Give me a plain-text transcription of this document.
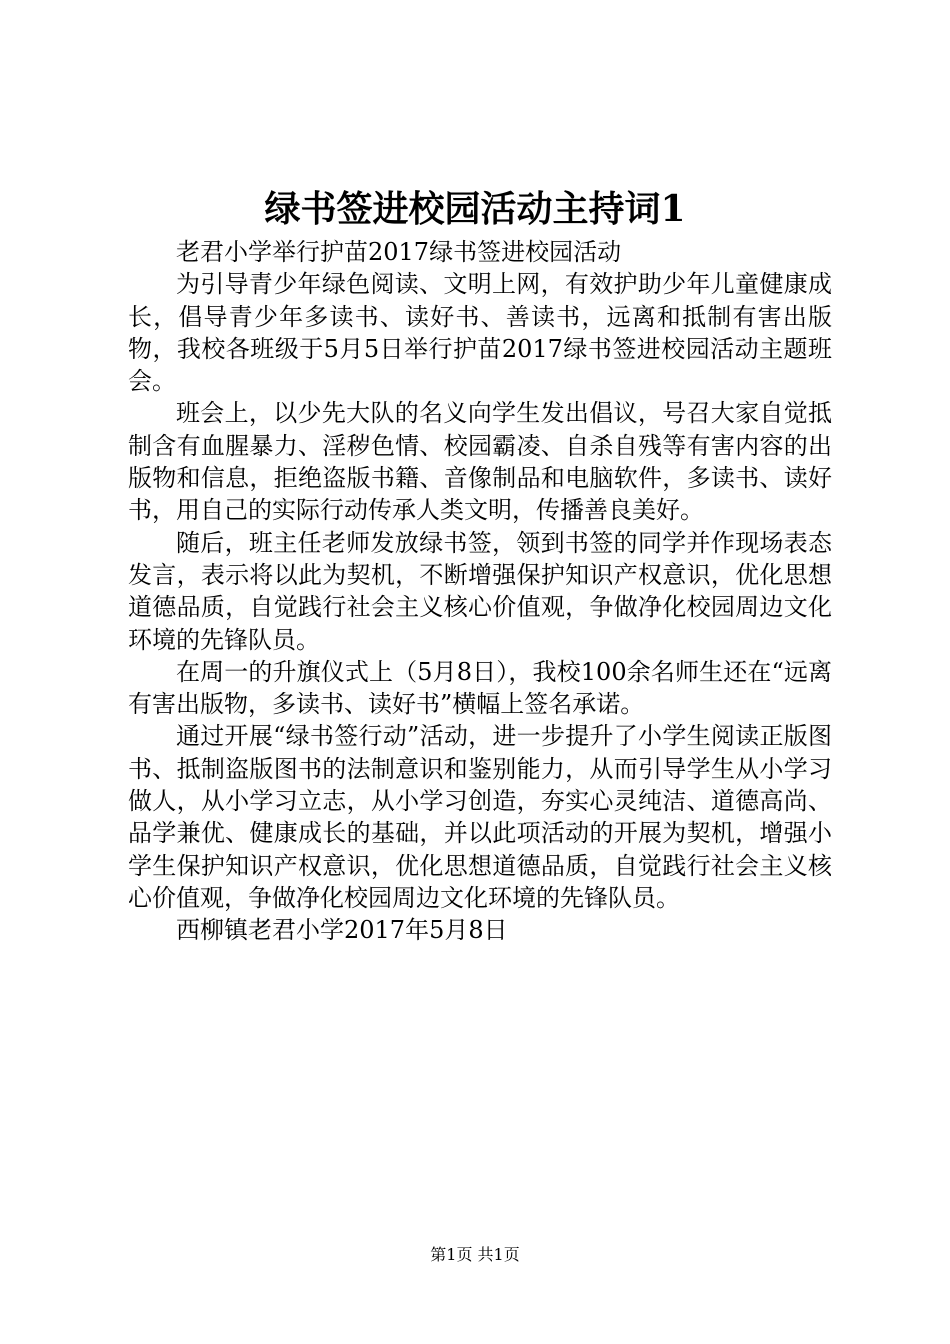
绿书签进校园活动主持词1

老君小学举行护苗2017绿书签进校园活动

为引导青少年绿色阅读、文明上网，有效护助少年儿童健康成长，倡导青少年多读书、读好书、善读书，远离和抵制有害出版物，我校各班级于5月5日举行护苗2017绿书签进校园活动主题班会。

班会上，以少先大队的名义向学生发出倡议，号召大家自觉抵制含有血腥暴力、淫秽色情、校园霸凌、自杀自残等有害内容的出版物和信息，拒绝盗版书籍、音像制品和电脑软件，多读书、读好书，用自己的实际行动传承人类文明，传播善良美好。

随后，班主任老师发放绿书签，领到书签的同学并作现场表态发言，表示将以此为契机，不断增强保护知识产权意识，优化思想道德品质，自觉践行社会主义核心价值观，争做净化校园周边文化环境的先锋队员。

在周一的升旗仪式上（5月8日），我校100余名师生还在“远离有害出版物，多读书、读好书”横幅上签名承诺。

通过开展“绿书签行动”活动，进一步提升了小学生阅读正版图书、抵制盗版图书的法制意识和鉴别能力，从而引导学生从小学习做人，从小学习立志，从小学习创造，夯实心灵纯洁、道德高尚、品学兼优、健康成长的基础，并以此项活动的开展为契机，增强小学生保护知识产权意识，优化思想道德品质，自觉践行社会主义核心价值观，争做净化校园周边文化环境的先锋队员。

西柳镇老君小学2017年5月8日

第1页 共1页
